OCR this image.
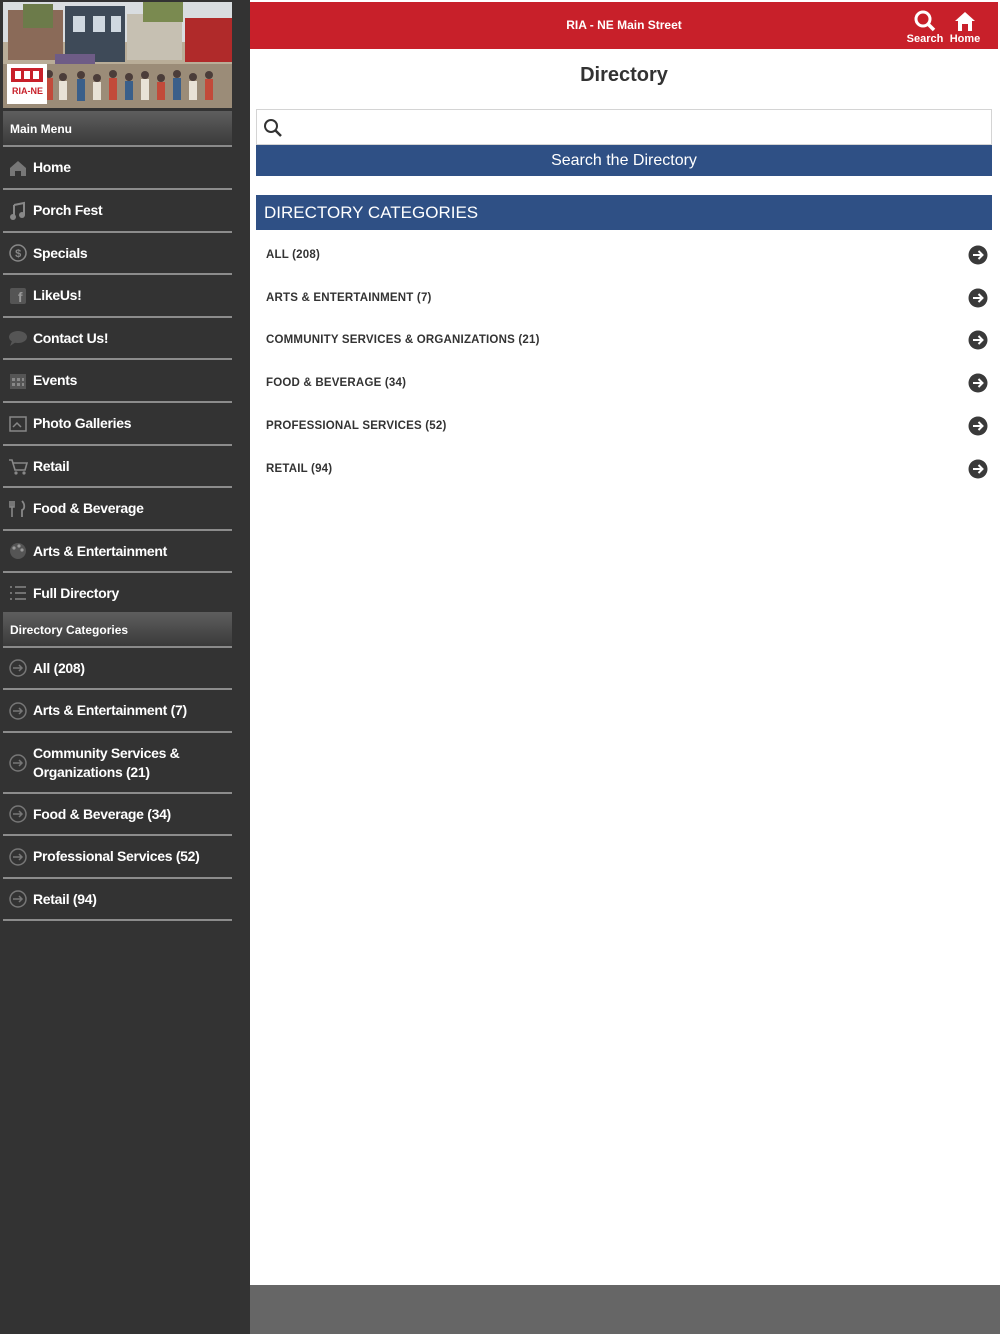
RIA-NE
Main Menu
Home
Porch Fest
$ Specials
f LikeUs!
Contact Us!
Events
Photo Galleries
Retail
Food & Beverage
Arts & Entertainment
Full Directory
Directory Categories
All (208)
Arts & Entertainment (7)
Community Services & Organizations (21)
Food & Beverage (34)
Professional Services (52)
Retail (94)
RIA - NE Main Street
Search Home
Directory
Search the Directory
DIRECTORY CATEGORIES
ALL (208)
ARTS & ENTERTAINMENT (7)
COMMUNITY SERVICES & ORGANIZATIONS (21)
FOOD & BEVERAGE (34)
PROFESSIONAL SERVICES (52)
RETAIL (94)
